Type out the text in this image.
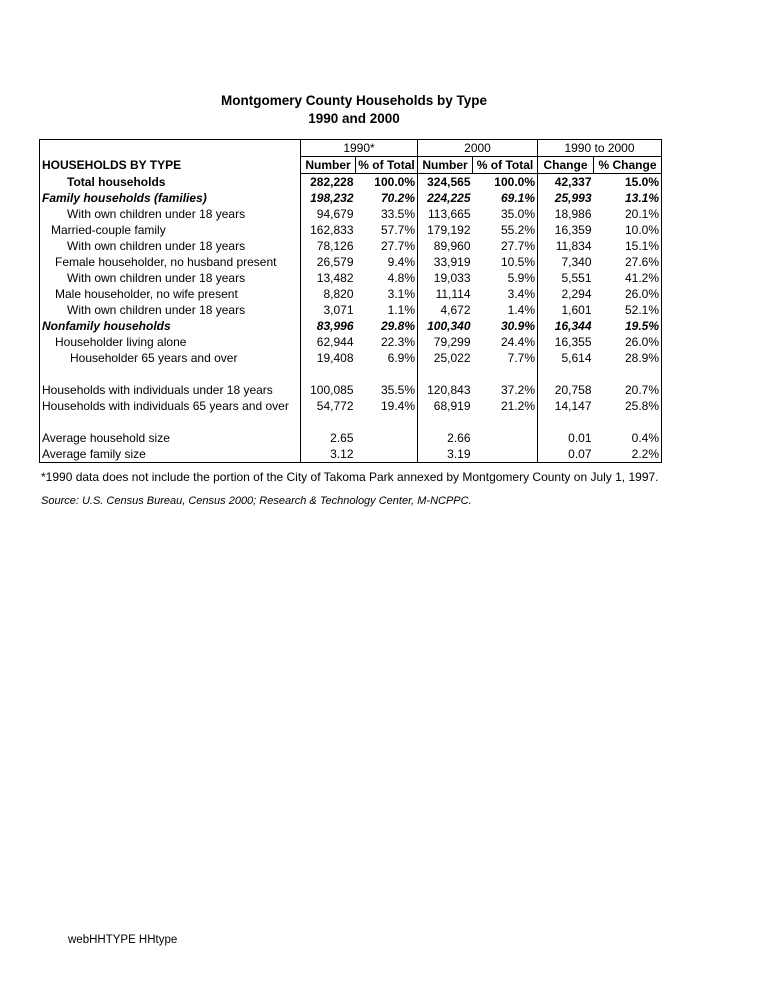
Montgomery County Households by Type
1990 and 2000
	1990*		2000		1990 to 2000	
HOUSEHOLDS BY TYPE	Number	% of Total	Number	% of Total	Change	% Change
Total households	282,228	100.0%	324,565	100.0%	42,337	15.0%
Family households (families)	198,232	70.2%	224,225	69.1%	25,993	13.1%
With own children under 18 years	94,679	33.5%	113,665	35.0%	18,986	20.1%
Married-couple family	162,833	57.7%	179,192	55.2%	16,359	10.0%
With own children under 18 years	78,126	27.7%	89,960	27.7%	11,834	15.1%
Female householder, no husband present	26,579	9.4%	33,919	10.5%	7,340	27.6%
With own children under 18 years	13,482	4.8%	19,033	5.9%	5,551	41.2%
Male householder, no wife present	8,820	3.1%	11,114	3.4%	2,294	26.0%
With own children under 18 years	3,071	1.1%	4,672	1.4%	1,601	52.1%
Nonfamily households	83,996	29.8%	100,340	30.9%	16,344	19.5%
Householder living alone	62,944	22.3%	79,299	24.4%	16,355	26.0%
Householder 65 years and over	19,408	6.9%	25,022	7.7%	5,614	28.9%

Households with individuals under 18 years	100,085	35.5%	120,843	37.2%	20,758	20.7%
Households with individuals 65 years and over	54,772	19.4%	68,919	21.2%	14,147	25.8%

Average household size	2.65		2.66		0.01	0.4%
Average family size	3.12		3.19		0.07	2.2%
*1990 data does not include the portion of the City of Takoma Park annexed by Montgomery County on July 1, 1997.
Source: U.S. Census Bureau, Census 2000; Research & Technology Center, M-NCPPC.
webHHTYPE HHtype
